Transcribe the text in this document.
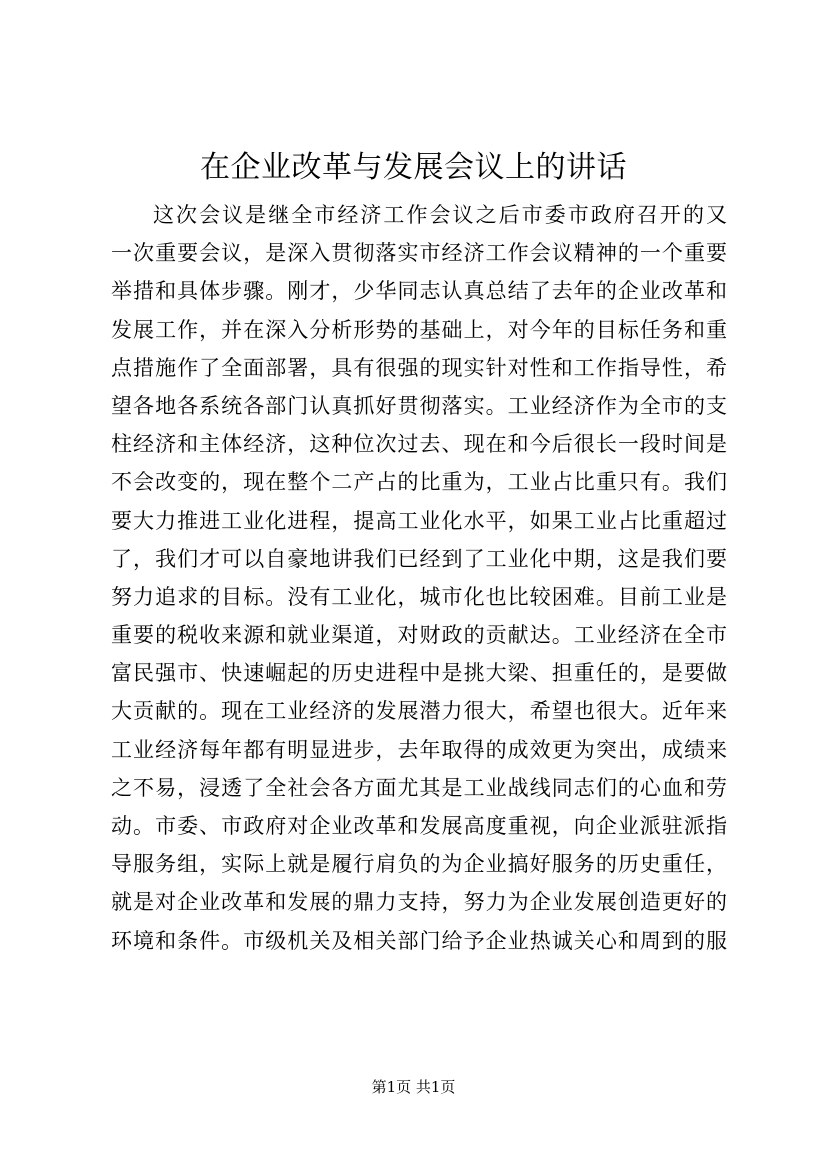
在企业改革与发展会议上的讲话
这次会议是继全市经济工作会议之后市委市政府召开的又
一次重要会议，是深入贯彻落实市经济工作会议精神的一个重要
举措和具体步骤。刚才，少华同志认真总结了去年的企业改革和
发展工作，并在深入分析形势的基础上，对今年的目标任务和重
点措施作了全面部署，具有很强的现实针对性和工作指导性，希
望各地各系统各部门认真抓好贯彻落实。工业经济作为全市的支
柱经济和主体经济，这种位次过去、现在和今后很长一段时间是
不会改变的，现在整个二产占的比重为，工业占比重只有。我们
要大力推进工业化进程，提高工业化水平，如果工业占比重超过
了，我们才可以自豪地讲我们已经到了工业化中期，这是我们要
努力追求的目标。没有工业化，城市化也比较困难。目前工业是
重要的税收来源和就业渠道，对财政的贡献达。工业经济在全市
富民强市、快速崛起的历史进程中是挑大梁、担重任的，是要做
大贡献的。现在工业经济的发展潜力很大，希望也很大。近年来
工业经济每年都有明显进步，去年取得的成效更为突出，成绩来
之不易，浸透了全社会各方面尤其是工业战线同志们的心血和劳
动。市委、市政府对企业改革和发展高度重视，向企业派驻派指
导服务组，实际上就是履行肩负的为企业搞好服务的历史重任，
就是对企业改革和发展的鼎力支持，努力为企业发展创造更好的
环境和条件。市级机关及相关部门给予企业热诚关心和周到的服
第1页 共1页
